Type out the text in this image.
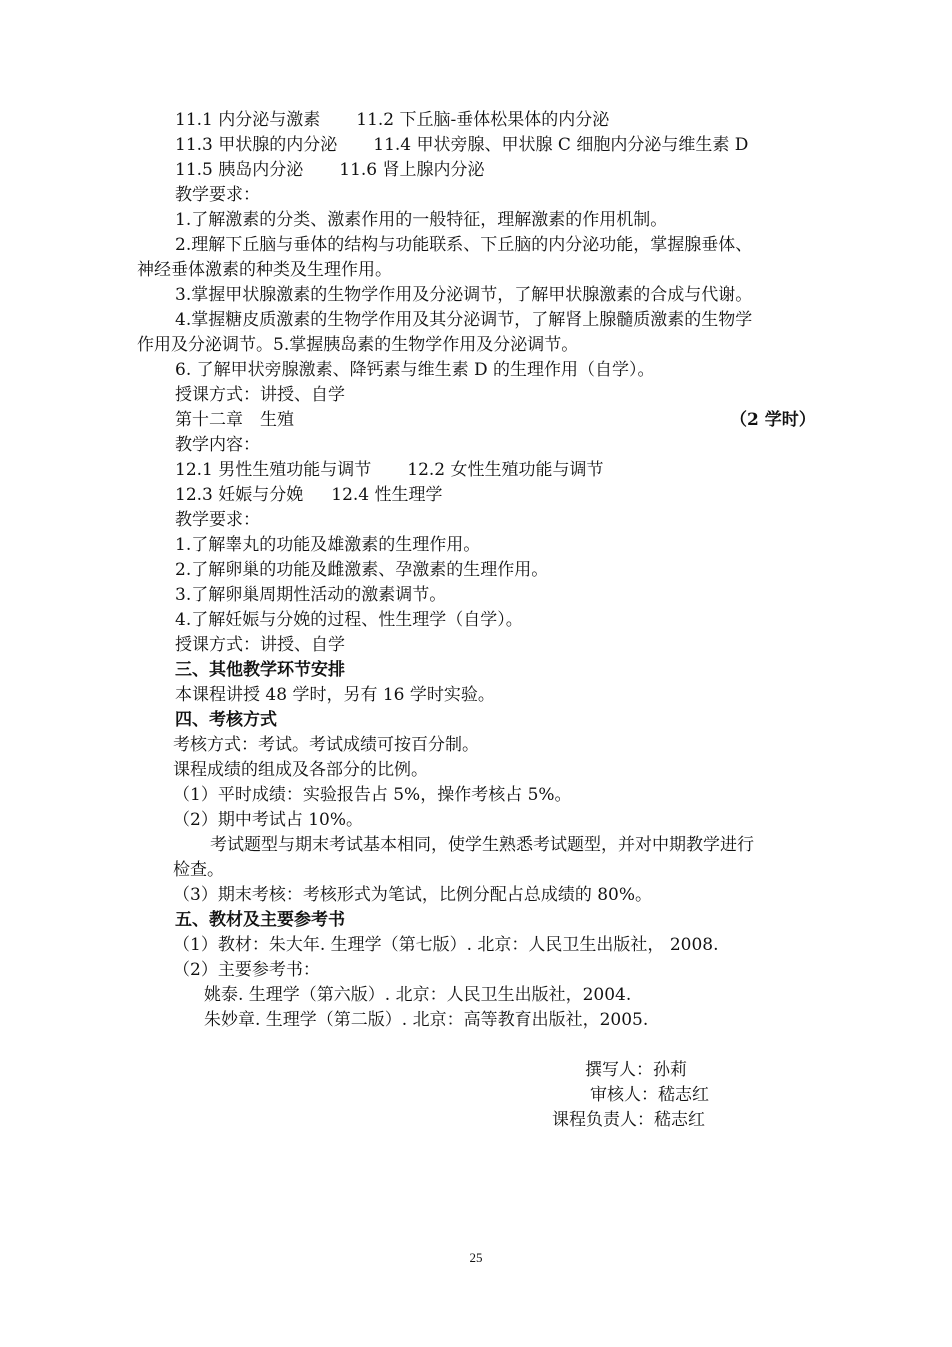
11.1 内分泌与激素 11.2 下丘脑-垂体松果体的内分泌
11.3 甲状腺的内分泌 11.4 甲状旁腺、甲状腺 C 细胞内分泌与维生素 D
11.5 胰岛内分泌 11.6 肾上腺内分泌
教学要求：
1.了解激素的分类、激素作用的一般特征，理解激素的作用机制。
2.理解下丘脑与垂体的结构与功能联系、下丘脑的内分泌功能，掌握腺垂体、
神经垂体激素的种类及生理作用。
3.掌握甲状腺激素的生物学作用及分泌调节，了解甲状腺激素的合成与代谢。
4.掌握糖皮质激素的生物学作用及其分泌调节，了解肾上腺髓质激素的生物学
作用及分泌调节。5.掌握胰岛素的生物学作用及分泌调节。
6. 了解甲状旁腺激素、降钙素与维生素 D 的生理作用（自学）。
授课方式：讲授、自学
第十二章　生殖	（2 学时）
教学内容：
12.1 男性生殖功能与调节 12.2 女性生殖功能与调节
12.3 妊娠与分娩 12.4 性生理学
教学要求：
1.了解睾丸的功能及雄激素的生理作用。
2.了解卵巢的功能及雌激素、孕激素的生理作用。
3.了解卵巢周期性活动的激素调节。
4.了解妊娠与分娩的过程、性生理学（自学）。
授课方式：讲授、自学
三、其他教学环节安排
本课程讲授 48 学时，另有 16 学时实验。
四、考核方式
考核方式：考试。考试成绩可按百分制。
课程成绩的组成及各部分的比例。
（1）平时成绩：实验报告占 5%，操作考核占 5%。
（2）期中考试占 10%。
考试题型与期末考试基本相同，使学生熟悉考试题型，并对中期教学进行
检查。
（3）期末考核：考核形式为笔试，比例分配占总成绩的 80%。
五、教材及主要参考书
（1）教材：朱大年. 生理学（第七版）. 北京：人民卫生出版社， 2008.
（2）主要参考书：
姚泰. 生理学（第六版）. 北京：人民卫生出版社，2004.
朱妙章. 生理学（第二版）. 北京：高等教育出版社，2005.
撰写人：孙莉
审核人：嵇志红
课程负责人：嵇志红
25
